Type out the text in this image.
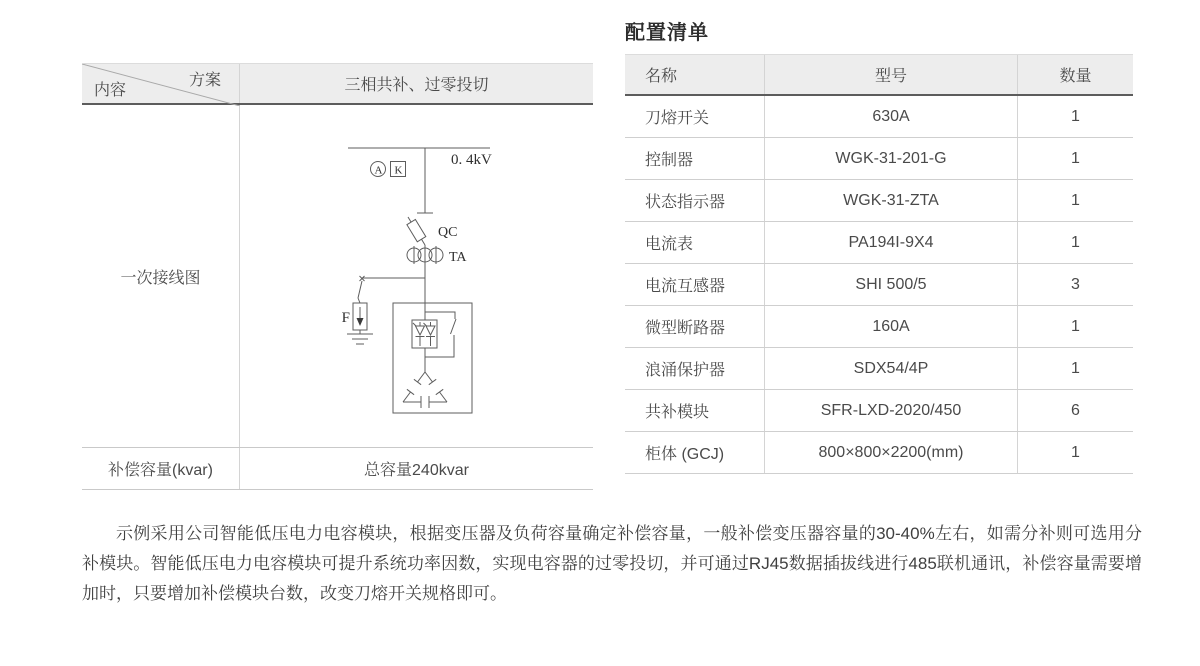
方案
内容	三相共补、过零投切
一次接线图
0. 4kV
A K
QC
TA
F
补偿容量(kvar)	总容量240kvar
配置清单
名称	型号	数量
刀熔开关	630A	1
控制器	WGK-31-201-G	1
状态指示器	WGK-31-ZTA	1
电流表	PA194I-9X4	1
电流互感器	SHI 500/5	3
微型断路器	160A	1
浪涌保护器	SDX54/4P	1
共补模块	SFR-LXD-2020/450	6
柜体 (GCJ)	800×800×2200(mm)	1

示例采用公司智能低压电力电容模块，根据变压器及负荷容量确定补偿容量，一般补偿变压器容量的30-40%左右，如需分补则可选用分补模块。智能低压电力电容模块可提升系统功率因数，实现电容器的过零投切，并可通过RJ45数据插拔线进行485联机通讯，补偿容量需要增加时，只要增加补偿模块台数，改变刀熔开关规格即可。
